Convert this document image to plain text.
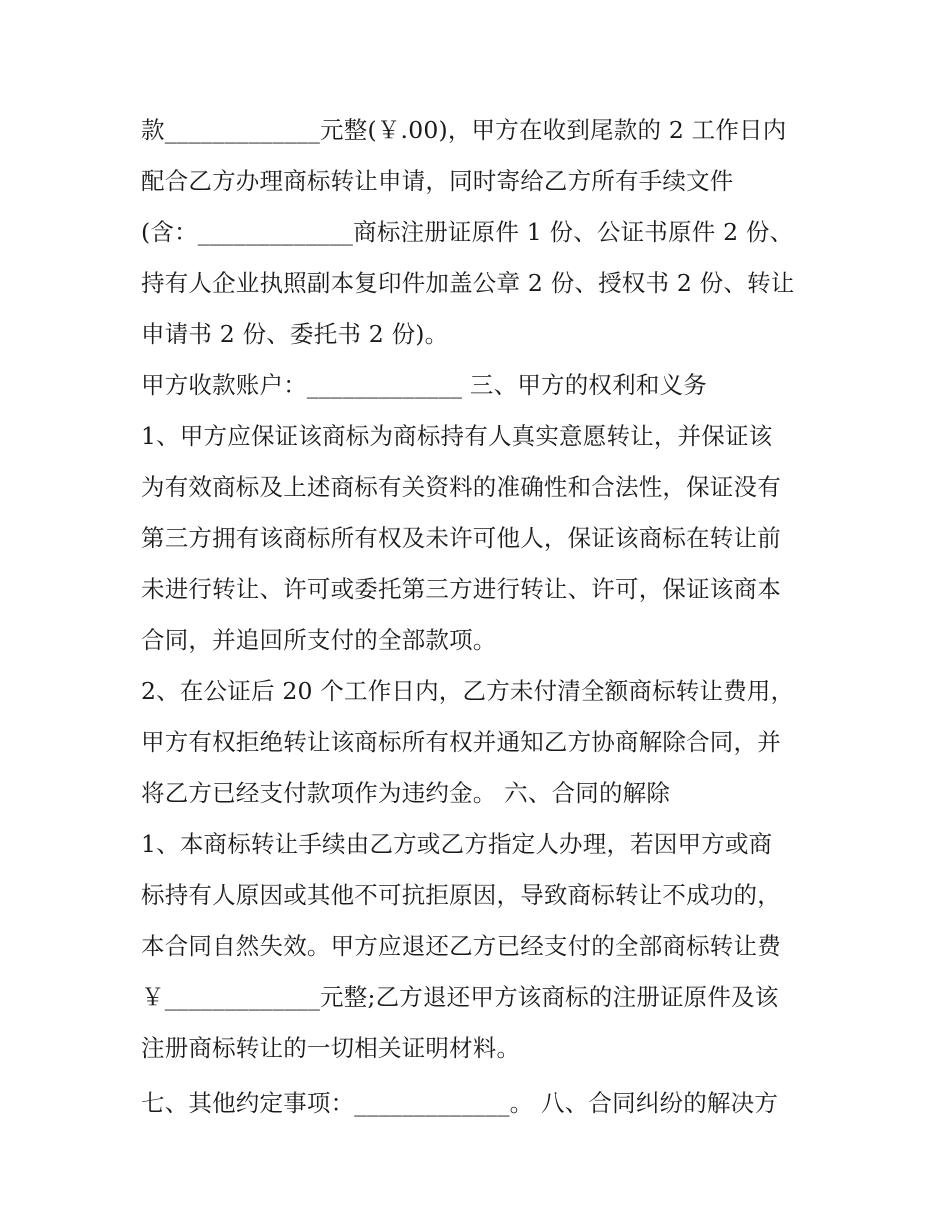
款_____________元整(￥.00)，甲方在收到尾款的 2 工作日内
配合乙方办理商标转让申请，同时寄给乙方所有手续文件
(含：_____________商标注册证原件 1 份、公证书原件 2 份、
持有人企业执照副本复印件加盖公章 2 份、授权书 2 份、转让
申请书 2 份、委托书 2 份)。
甲方收款账户：_____________ 三、甲方的权利和义务
1、甲方应保证该商标为商标持有人真实意愿转让，并保证该
为有效商标及上述商标有关资料的准确性和合法性，保证没有
第三方拥有该商标所有权及未许可他人，保证该商标在转让前
未进行转让、许可或委托第三方进行转让、许可，保证该商本
合同，并追回所支付的全部款项。
2、在公证后 20 个工作日内，乙方未付清全额商标转让费用，
甲方有权拒绝转让该商标所有权并通知乙方协商解除合同，并
将乙方已经支付款项作为违约金。 六、合同的解除
1、本商标转让手续由乙方或乙方指定人办理，若因甲方或商
标持有人原因或其他不可抗拒原因，导致商标转让不成功的，
本合同自然失效。甲方应退还乙方已经支付的全部商标转让费
￥_____________元整;乙方退还甲方该商标的注册证原件及该
注册商标转让的一切相关证明材料。
七、其他约定事项：_____________。 八、合同纠纷的解决方
